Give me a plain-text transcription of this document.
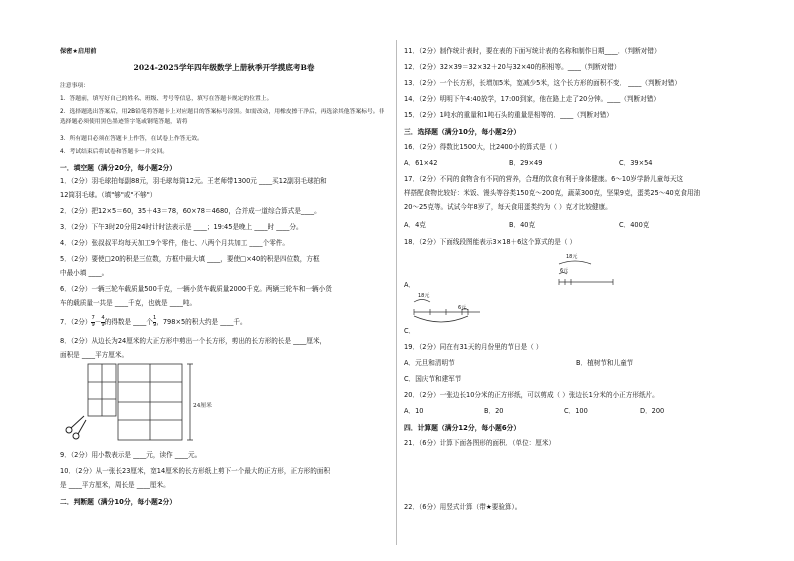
保密★启用前
2024-2025学年四年级数学上册秋季开学摸底考B卷
注意事项：
1．答题前，填写好自己的姓名、班级、考号等信息，填写在答题卡规定的位置上。
2．选择题选出答案后，用2B铅笔将答题卡上对应题目的答案标号涂黑。如需改动，用橡皮擦干净后，再选涂其他答案标号。非选择题必须使用黑色墨迹签字笔或钢笔答题，请将
3．所有题目必须在答题卡上作答，在试卷上作答无效。
4．考试结束后将试卷和答题卡一并交回。
一．填空题（满分20分，每小题2分）
1．（2分）羽毛球拍每副88元，羽毛球每筒12元。王老师带1300元 ____买12副羽毛球拍和
12筒羽毛球。（填"够"或"不够"）
2．（2分）把12×5＝60，35＋43＝78，60×78＝4680，合并成一道综合算式是____。
3．（2分）下午3时20分用24时计时法表示是 ____；19:45是晚上 ____时 ____分。
4．（2分）张叔叔平均每天加工9个零件，他七、八两个月共加工 ____个零件。
5．（2分）要使□20的积是三位数，方框中最大填 ____，要使□×40的积是四位数，方框
中最小填 ____。
6．（2分）一辆三轮车载质量500千克，一辆小货车载质量2000千克。两辆三轮车和一辆小货
车的载质量一共是 ____千克，也就是 ____吨。
7．（2分） $\frac{7}{9} - \frac{4}{9}$ 的得数是 ____个 $\frac{1}{9}$ ，798×5的积大约是 ____千。
8．（2分）从边长为24厘米的大正方形中剪出一个长方形，剪出的长方形的长是 ____厘米，
面积是 ____平方厘米。
24厘米
9．（2分）用小数表示是 ____元，读作 ____元。
10．（2分）从一张长23厘米，宽14厘米的长方形纸上剪下一个最大的正方形，正方形的面积
是 ____平方厘米，周长是 ____厘米。
二．判断题（满分10分，每小题2分）
11．（2分）制作统计表时，要在表的下面写统计表的名称和制作日期____．（判断对错）
12．（2分）32×39＝32×32＋20与32×40的积相等。____（判断对错）
13．（2分）一个长方形，长增加5米，宽减少5米，这个长方形的面积不变． ____（判断对错）
14．（2分）明明下午4:40放学，17:00到家，他在路上走了20分钟。____（判断对错）
15．（2分）1吨水的重量和1吨石头的重量是相等的．____（判断对错）
三．选择题（满分10分，每小题2分）
16．（2分）得数比1500大，比2400小的算式是（ ）
A．61×42	B．29×49	C．39×54
17．（2分）不同的食物含有不同的营养，合理的饮食有利于身体健康。6～10岁学龄儿童每天这
样搭配食物比较好：米饭、馒头等谷类150克～200克，蔬菜300克，坚果9克，蛋类25～40克食用油
20～25克等。试试今年8岁了，每天食用蛋类约为（ ）克才比较健康。
A．4克	B．40克	C．400克
18．（2分）下面线段图能表示3×18＋6这个算式的是（ ）
18元
6元
A．
18元
6元
C．
19．（2分）同在有31天的月份里的节日是（ ）
A．元旦和清明节	B．植树节和儿童节
C．国庆节和建军节
20．（2分）一张边长10分米的正方形纸，可以剪成（ ）张边长1分米的小正方形纸片。
A．10	B．20	C．100	D．200
四．计算题（满分12分，每小题6分）
21．（6分）计算下面各图形的面积．（单位：厘米）
22．（6分）用竖式计算（带★要验算）。
